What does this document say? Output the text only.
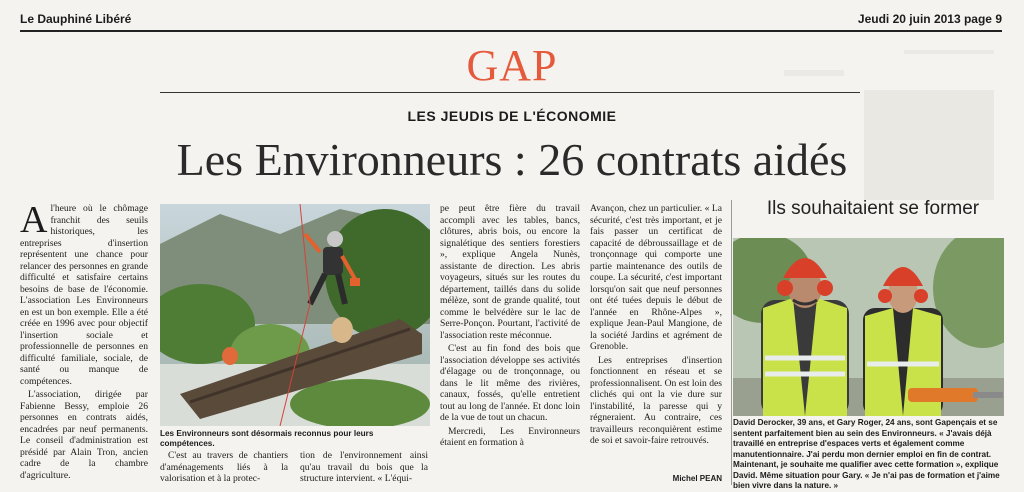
Le Dauphiné Libéré	Jeudi 20 juin 2013 page 9
GAP
LES JEUDIS DE L'ÉCONOMIE
Les Environneurs : 26 contrats aidés

Al'heure où le chômage franchit des seuils historiques, les entreprises d'insertion représentent une chance pour relancer des personnes en grande difficulté et satisfaire certains besoins de base de l'économie. L'association Les Environneurs en est un bon exemple. Elle a été créée en 1996 avec pour objectif l'insertion sociale et professionnelle de personnes en difficulté familiale, sociale, de santé ou manque de compétences.

L'association, dirigée par Fabienne Bessy, emploie 26 personnes en contrats aidés, encadrées par neuf permanents. Le conseil d'administration est présidé par Alain Tron, ancien cadre de la chambre d'agriculture.

Les Environneurs sont désormais reconnus pour leurs compétences.

C'est au travers de chantiers d'aménagements liés à la valorisation et à la protec-

tion de l'environnement ainsi qu'au travail du bois que la structure intervient. « L'équi-

pe peut être fière du travail accompli avec les tables, bancs, clôtures, abris bois, ou encore la signalétique des sentiers forestiers », explique Angela Nunès, assistante de direction. Les abris voyageurs, situés sur les routes du département, taillés dans du solide mélèze, sont de grande qualité, tout comme le belvédère sur le lac de Serre-Ponçon. Pourtant, l'activité de l'association reste méconnue.

C'est au fin fond des bois que l'association développe ses activités d'élagage ou de tronçonnage, ou dans le lit même des rivières, canaux, fossés, qu'elle entretient tout au long de l'année. Et donc loin de la vue de tout un chacun.

Mercredi, Les Environneurs étaient en formation à

Avançon, chez un particulier. « La sécurité, c'est très important, et je fais passer un certificat de capacité de débroussaillage et de tronçonnage qui comporte une partie maintenance des outils de coupe. La sécurité, c'est important lorsqu'on sait que neuf personnes ont été tuées depuis le début de l'année en Rhône-Alpes », explique Jean-Paul Mangione, de la société Jardins et agrément de Grenoble.

Les entreprises d'insertion fonctionnent en réseau et se professionnalisent. On est loin des clichés qui ont la vie dure sur l'instabilité, la paresse qui y régneraient. Au contraire, ces travailleurs reconquièrent estime de soi et savoir-faire retrouvés.

Michel PEAN
Ils souhaitaient se former
David Derocker, 39 ans, et Gary Roger, 24 ans, sont Gapençais et se sentent parfaitement bien au sein des Environneurs. « J'avais déjà travaillé en entreprise d'espaces verts et également comme manutentionnaire. J'ai perdu mon dernier emploi en fin de contrat. Maintenant, je souhaite me qualifier avec cette formation », explique David. Même situation pour Gary. « Je n'ai pas de formation et j'aime bien vivre dans la nature. »
